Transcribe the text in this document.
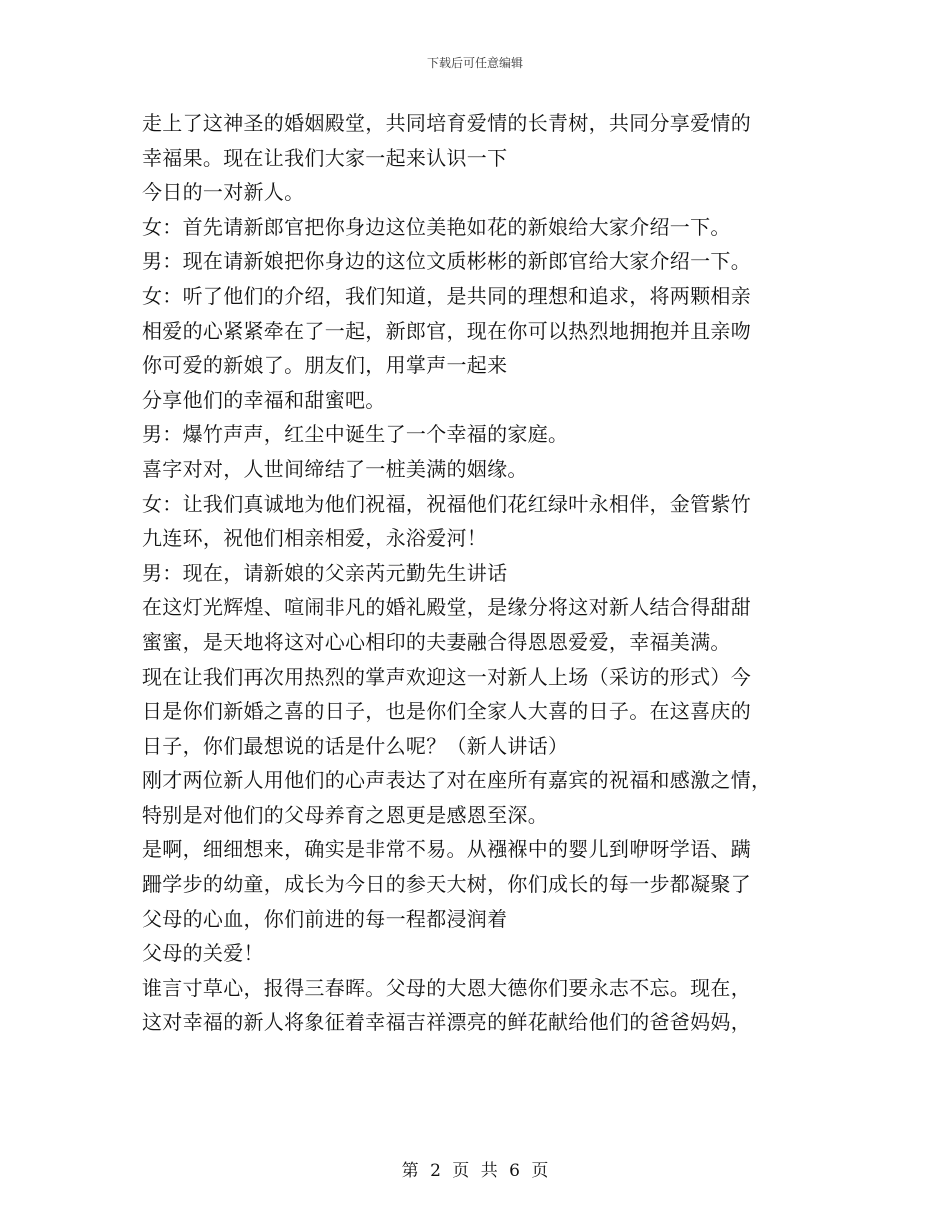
下载后可任意编辑
走上了这神圣的婚姻殿堂，共同培育爱情的长青树，共同分享爱情的
幸福果。现在让我们大家一起来认识一下
今日的一对新人。
女：首先请新郎官把你身边这位美艳如花的新娘给大家介绍一下。
男：现在请新娘把你身边的这位文质彬彬的新郎官给大家介绍一下。
女：听了他们的介绍，我们知道，是共同的理想和追求，将两颗相亲
相爱的心紧紧牵在了一起，新郎官，现在你可以热烈地拥抱并且亲吻
你可爱的新娘了。朋友们，用掌声一起来
分享他们的幸福和甜蜜吧。
男：爆竹声声，红尘中诞生了一个幸福的家庭。
喜字对对，人世间缔结了一桩美满的姻缘。
女：让我们真诚地为他们祝福，祝福他们花红绿叶永相伴，金管紫竹
九连环，祝他们相亲相爱，永浴爱河！
男：现在，请新娘的父亲芮元勤先生讲话
在这灯光辉煌、喧闹非凡的婚礼殿堂，是缘分将这对新人结合得甜甜
蜜蜜，是天地将这对心心相印的夫妻融合得恩恩爱爱，幸福美满。
现在让我们再次用热烈的掌声欢迎这一对新人上场（采访的形式）今
日是你们新婚之喜的日子，也是你们全家人大喜的日子。在这喜庆的
日子，你们最想说的话是什么呢？（新人讲话）
刚才两位新人用他们的心声表达了对在座所有嘉宾的祝福和感激之情，
特别是对他们的父母养育之恩更是感恩至深。
是啊，细细想来，确实是非常不易。从襁褓中的婴儿到咿呀学语、蹒
跚学步的幼童，成长为今日的参天大树，你们成长的每一步都凝聚了
父母的心血，你们前进的每一程都浸润着
父母的关爱！
谁言寸草心，报得三春晖。父母的大恩大德你们要永志不忘。现在，
这对幸福的新人将象征着幸福吉祥漂亮的鲜花献给他们的爸爸妈妈，
第 2 页 共 6 页
